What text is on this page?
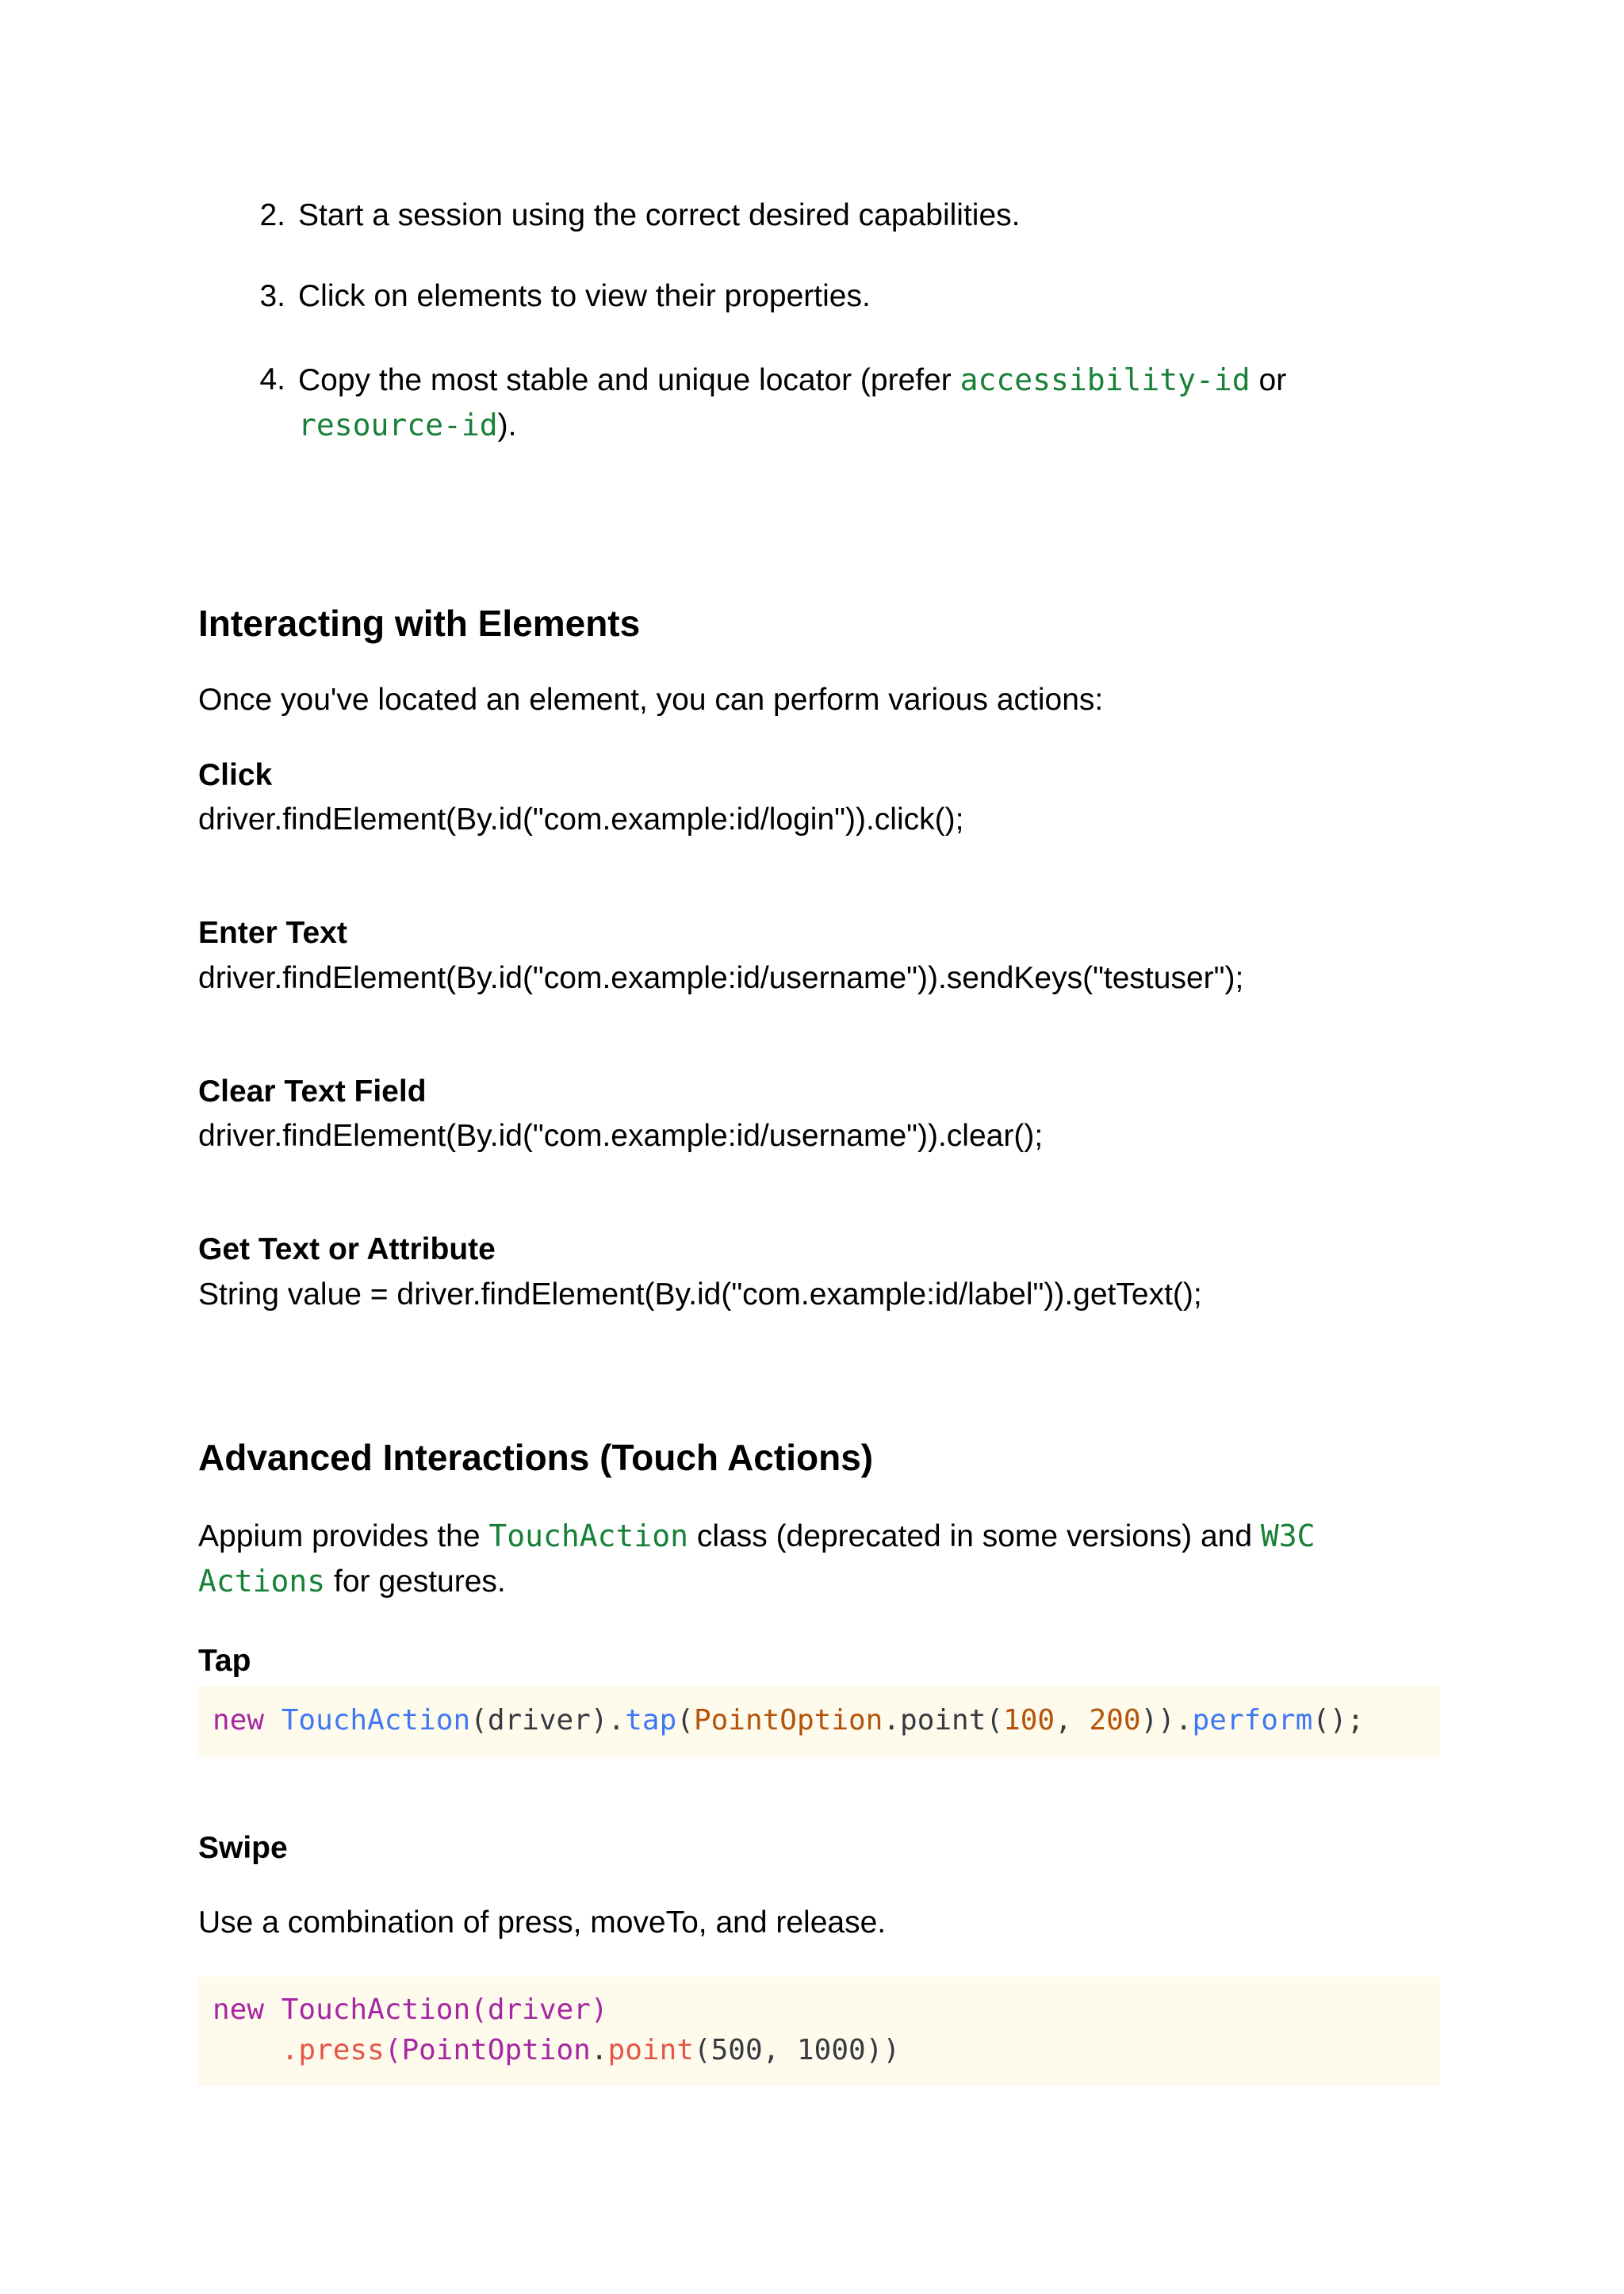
2. Start a session using the correct desired capabilities.
3. Click on elements to view their properties.
4. Copy the most stable and unique locator (prefer accessibility-id or
resource-id).
Interacting with Elements
Once you've located an element, you can perform various actions:
Click
driver.findElement(By.id("com.example:id/login")).click();
Enter Text
driver.findElement(By.id("com.example:id/username")).sendKeys("testuser");
Clear Text Field
driver.findElement(By.id("com.example:id/username")).clear();
Get Text or Attribute
String value = driver.findElement(By.id("com.example:id/label")).getText();
Advanced Interactions (Touch Actions)
Appium provides the TouchAction class (deprecated in some versions) and W3C
Actions for gestures.
Tap
new TouchAction(driver).tap(PointOption.point(100, 200)).perform();
Swipe
Use a combination of press, moveTo, and release.
new TouchAction(driver)
.press(PointOption.point(500, 1000))
